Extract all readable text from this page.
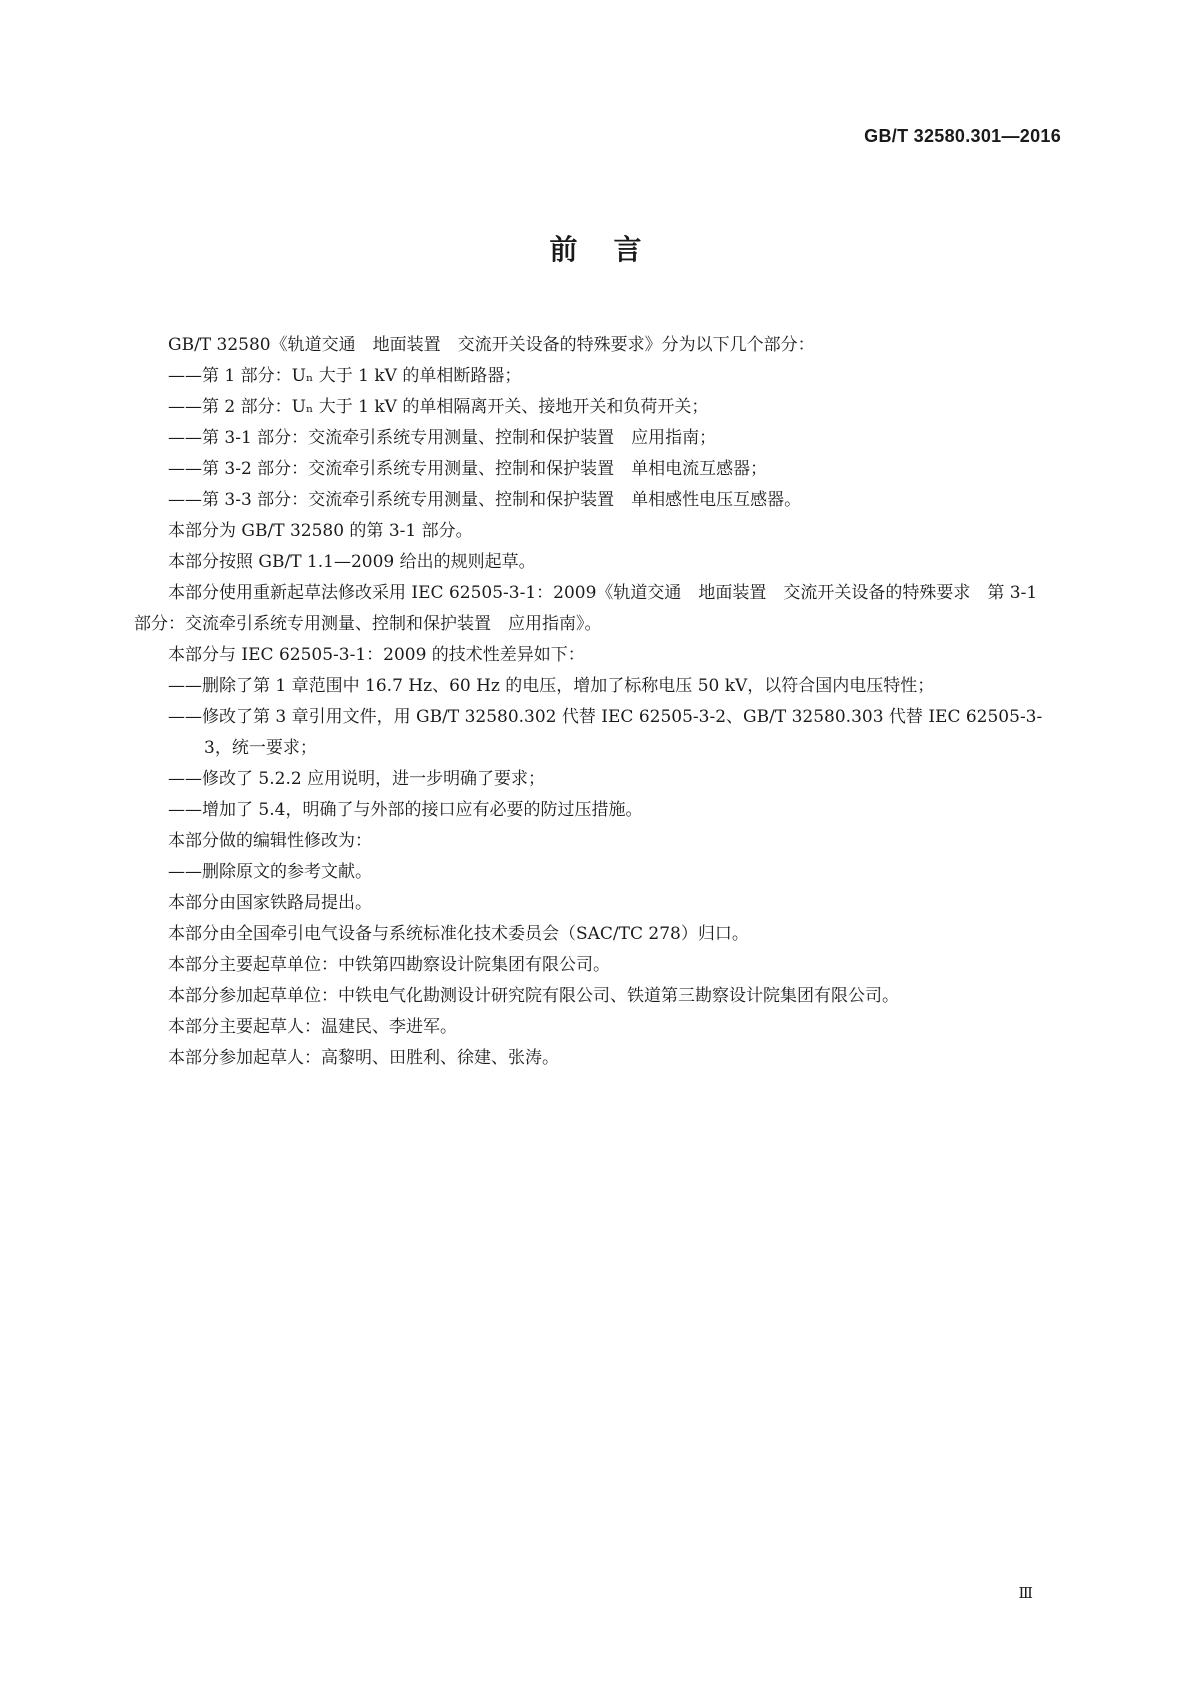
GB/T 32580.301—2016
前言
GB/T 32580《轨道交通　地面装置　交流开关设备的特殊要求》分为以下几个部分：
——第 1 部分：Uₙ 大于 1 kV 的单相断路器；
——第 2 部分：Uₙ 大于 1 kV 的单相隔离开关、接地开关和负荷开关；
——第 3-1 部分：交流牵引系统专用测量、控制和保护装置　应用指南；
——第 3-2 部分：交流牵引系统专用测量、控制和保护装置　单相电流互感器；
——第 3-3 部分：交流牵引系统专用测量、控制和保护装置　单相感性电压互感器。
本部分为 GB/T 32580 的第 3-1 部分。
本部分按照 GB/T 1.1—2009 给出的规则起草。
本部分使用重新起草法修改采用 IEC 62505-3-1：2009《轨道交通　地面装置　交流开关设备的特殊要求　第 3-1 部分：交流牵引系统专用测量、控制和保护装置　应用指南》。
本部分与 IEC 62505-3-1：2009 的技术性差异如下：
——删除了第 1 章范围中 16.7 Hz、60 Hz 的电压，增加了标称电压 50 kV，以符合国内电压特性；
——修改了第 3 章引用文件，用 GB/T 32580.302 代替 IEC 62505-3-2、GB/T 32580.303 代替 IEC 62505-3-3，统一要求；
——修改了 5.2.2 应用说明，进一步明确了要求；
——增加了 5.4，明确了与外部的接口应有必要的防过压措施。
本部分做的编辑性修改为：
——删除原文的参考文献。
本部分由国家铁路局提出。
本部分由全国牵引电气设备与系统标准化技术委员会（SAC/TC 278）归口。
本部分主要起草单位：中铁第四勘察设计院集团有限公司。
本部分参加起草单位：中铁电气化勘测设计研究院有限公司、铁道第三勘察设计院集团有限公司。
本部分主要起草人：温建民、李进军。
本部分参加起草人：高黎明、田胜利、徐建、张涛。
Ⅲ
